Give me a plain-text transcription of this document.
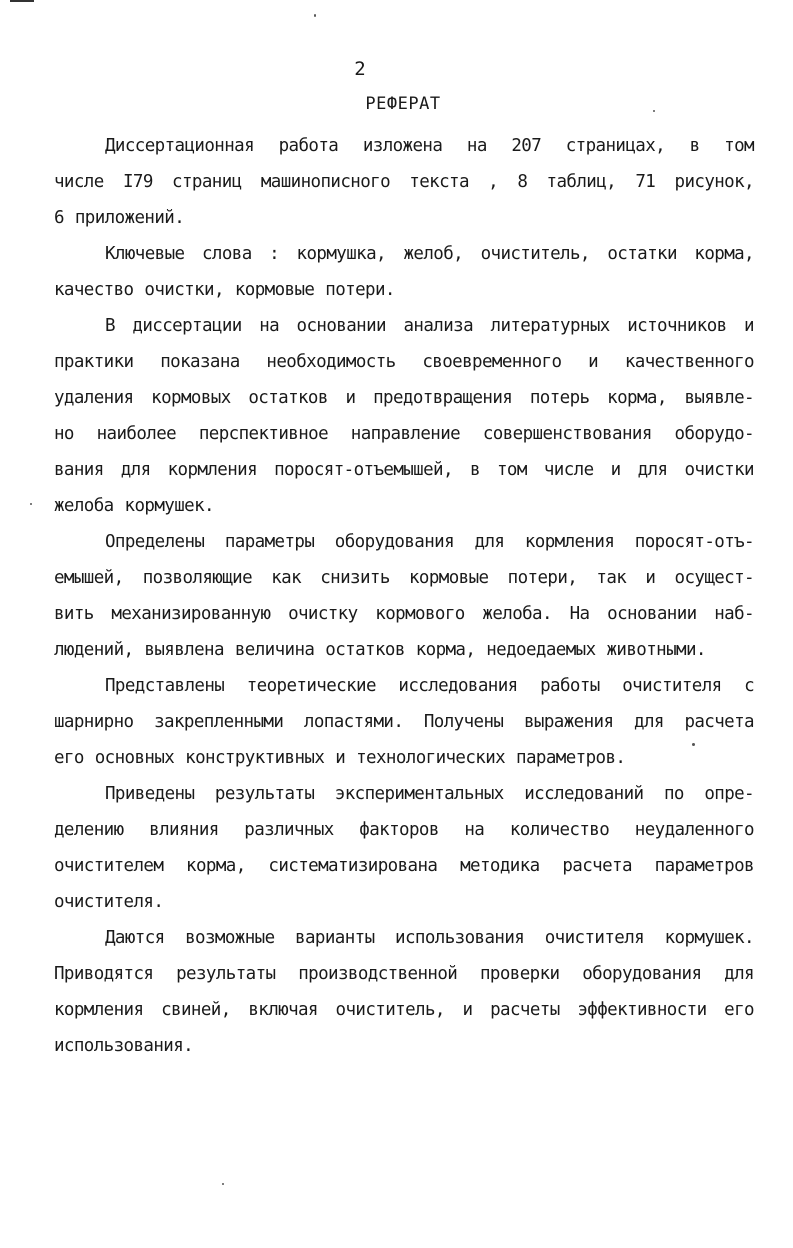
2
РЕФЕРАТ
Диссертационная работа изложена на 207 страницах, в том
числе I79 страниц машинописного текста , 8 таблиц, 71 рисунок,
6 приложений.
Ключевые слова : кормушка, желоб, очиститель, остатки корма,
качество очистки, кормовые потери.
В диссертации на основании анализа литературных источников и
практики показана необходимость своевременного и качественного
удаления кормовых остатков и предотвращения потерь корма, выявле-
но наиболее перспективное направление совершенствования оборудо-
вания для кормления поросят-отъемышей, в том числе и для очистки
желоба кормушек.
Определены параметры оборудования для кормления поросят-отъ-
емышей, позволяющие как снизить кормовые потери, так и осущест-
вить механизированную очистку кормового желоба. На основании наб-
людений, выявлена величина остатков корма, недоедаемых животными.
Представлены теоретические исследования работы очистителя с
шарнирно закрепленными лопастями. Получены выражения для расчета
его основных конструктивных и технологических параметров.
Приведены результаты экспериментальных исследований по опре-
делению влияния различных факторов на количество неудаленного
очистителем корма, систематизирована методика расчета параметров
очистителя.
Даются возможные варианты использования очистителя кормушек.
Приводятся результаты производственной проверки оборудования для
кормления свиней, включая очиститель, и расчеты эффективности его
использования.
